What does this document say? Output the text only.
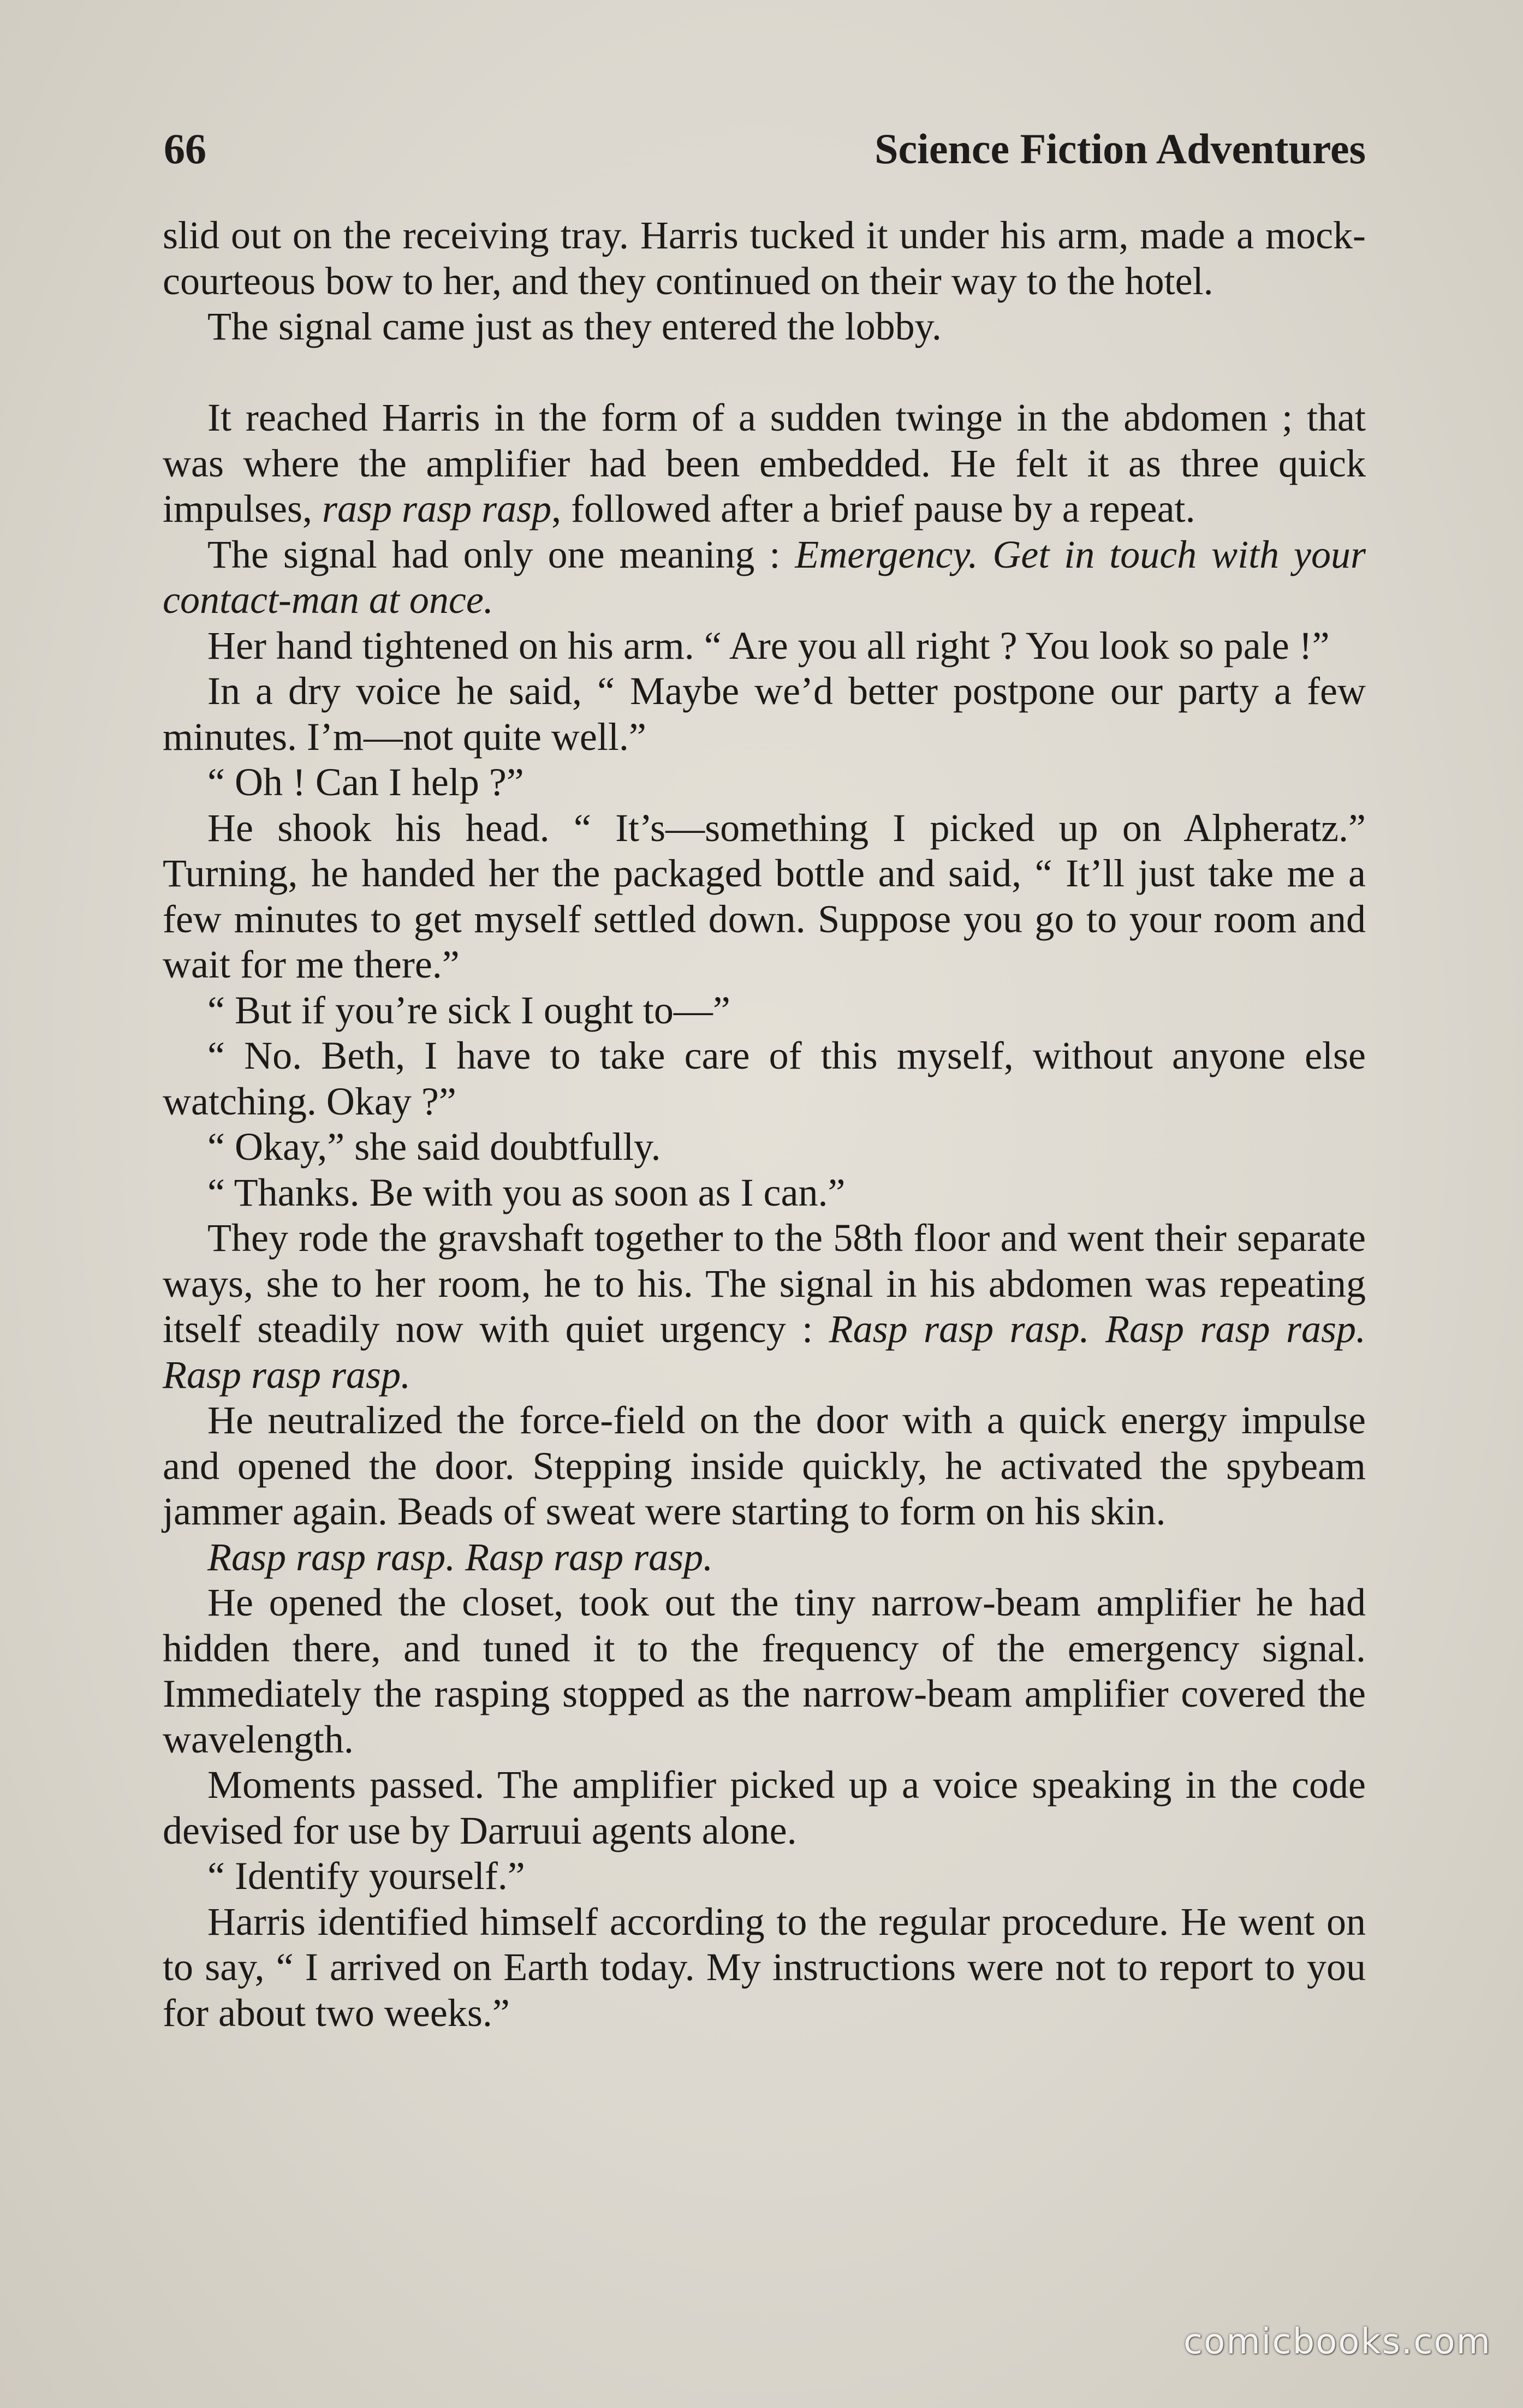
66	Science Fiction Adventures

slid out on the receiving tray. Harris tucked it under his arm, made a mock-courteous bow to her, and they continued on their way to the hotel.

The signal came just as they entered the lobby.

It reached Harris in the form of a sudden twinge in the abdomen ; that was where the amplifier had been embedded. He felt it as three quick impulses, rasp rasp rasp, followed after a brief pause by a repeat.

The signal had only one meaning : Emergency. Get in touch with your contact-man at once.

Her hand tightened on his arm. “ Are you all right ? You look so pale !”

In a dry voice he said, “ Maybe we’d better postpone our party a few minutes. I’m—not quite well.”

“ Oh ! Can I help ?”

He shook his head. “ It’s—something I picked up on Alpheratz.” Turning, he handed her the packaged bottle and said, “ It’ll just take me a few minutes to get myself settled down. Suppose you go to your room and wait for me there.”

“ But if you’re sick I ought to—”

“ No. Beth, I have to take care of this myself, without anyone else watching. Okay ?”

“ Okay,” she said doubtfully.

“ Thanks. Be with you as soon as I can.”

They rode the gravshaft together to the 58th floor and went their separate ways, she to her room, he to his. The signal in his abdomen was repeating itself steadily now with quiet urgency : Rasp rasp rasp. Rasp rasp rasp. Rasp rasp rasp.

He neutralized the force-field on the door with a quick energy impulse and opened the door. Stepping inside quickly, he activated the spybeam jammer again. Beads of sweat were starting to form on his skin.

Rasp rasp rasp. Rasp rasp rasp.

He opened the closet, took out the tiny narrow-beam amplifier he had hidden there, and tuned it to the frequency of the emergency signal. Immediately the rasping stopped as the narrow-beam amplifier covered the wavelength.

Moments passed. The amplifier picked up a voice speaking in the code devised for use by Darruui agents alone.

“ Identify yourself.”

Harris identified himself according to the regular procedure. He went on to say, “ I arrived on Earth today. My instructions were not to report to you for about two weeks.”

comicbooks.com
